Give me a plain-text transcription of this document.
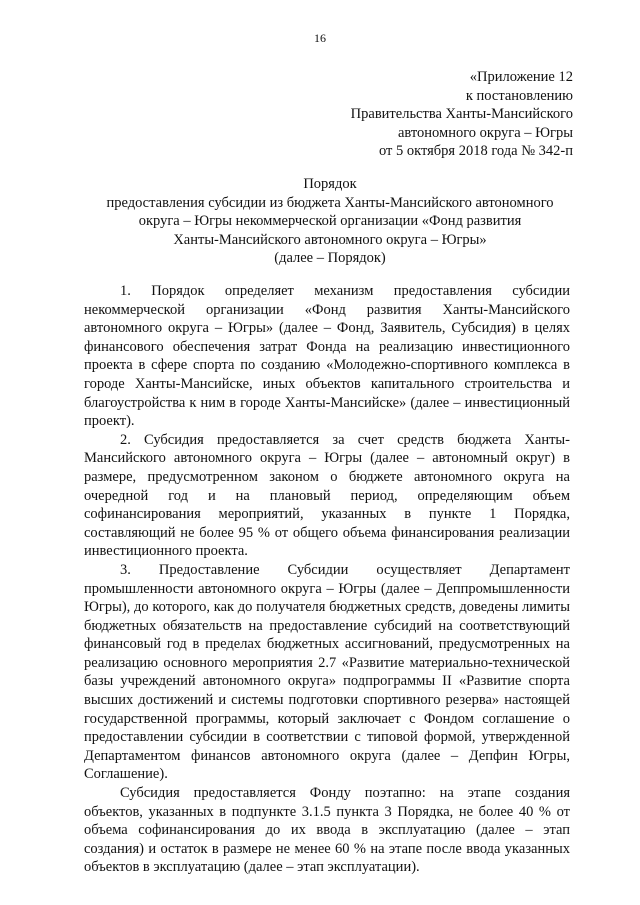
16
«Приложение 12
к постановлению
Правительства Ханты-Мансийского
автономного округа – Югры
от 5 октября 2018 года № 342-п
Порядок
предоставления субсидии из бюджета Ханты-Мансийского автономного
округа – Югры некоммерческой организации «Фонд развития
Ханты-Мансийского автономного округа – Югры»
(далее – Порядок)

1. Порядок определяет механизм предоставления субсидии некоммерческой организации «Фонд развития Ханты-Мансийского автономного округа – Югры» (далее – Фонд, Заявитель, Субсидия) в целях финансового обеспечения затрат Фонда на реализацию инвестиционного проекта в сфере спорта по созданию «Молодежно-спортивного комплекса в городе Ханты-Мансийске, иных объектов капитального строительства и благоустройства к ним в городе Ханты-Мансийске» (далее – инвестиционный проект).

2. Субсидия предоставляется за счет средств бюджета Ханты-Мансийского автономного округа – Югры (далее – автономный округ) в размере, предусмотренном законом о бюджете автономного округа на очередной год и на плановый период, определяющим объем софинансирования мероприятий, указанных в пункте 1 Порядка, составляющий не более 95 % от общего объема финансирования реализации инвестиционного проекта.

3. Предоставление Субсидии осуществляет Департамент промышленности автономного округа – Югры (далее – Деппромышленности Югры), до которого, как до получателя бюджетных средств, доведены лимиты бюджетных обязательств на предоставление субсидий на соответствующий финансовый год в пределах бюджетных ассигнований, предусмотренных на реализацию основного мероприятия 2.7 «Развитие материально-технической базы учреждений автономного округа» подпрограммы II «Развитие спорта высших достижений и системы подготовки спортивного резерва» настоящей государственной программы, который заключает с Фондом соглашение о предоставлении субсидии в соответствии с типовой формой, утвержденной Департаментом финансов автономного округа (далее – Депфин Югры, Соглашение).

Субсидия предоставляется Фонду поэтапно: на этапе создания объектов, указанных в подпункте 3.1.5 пункта 3 Порядка, не более 40 % от объема софинансирования до их ввода в эксплуатацию (далее – этап создания) и остаток в размере не менее 60 % на этапе после ввода указанных объектов в эксплуатацию (далее – этап эксплуатации).
